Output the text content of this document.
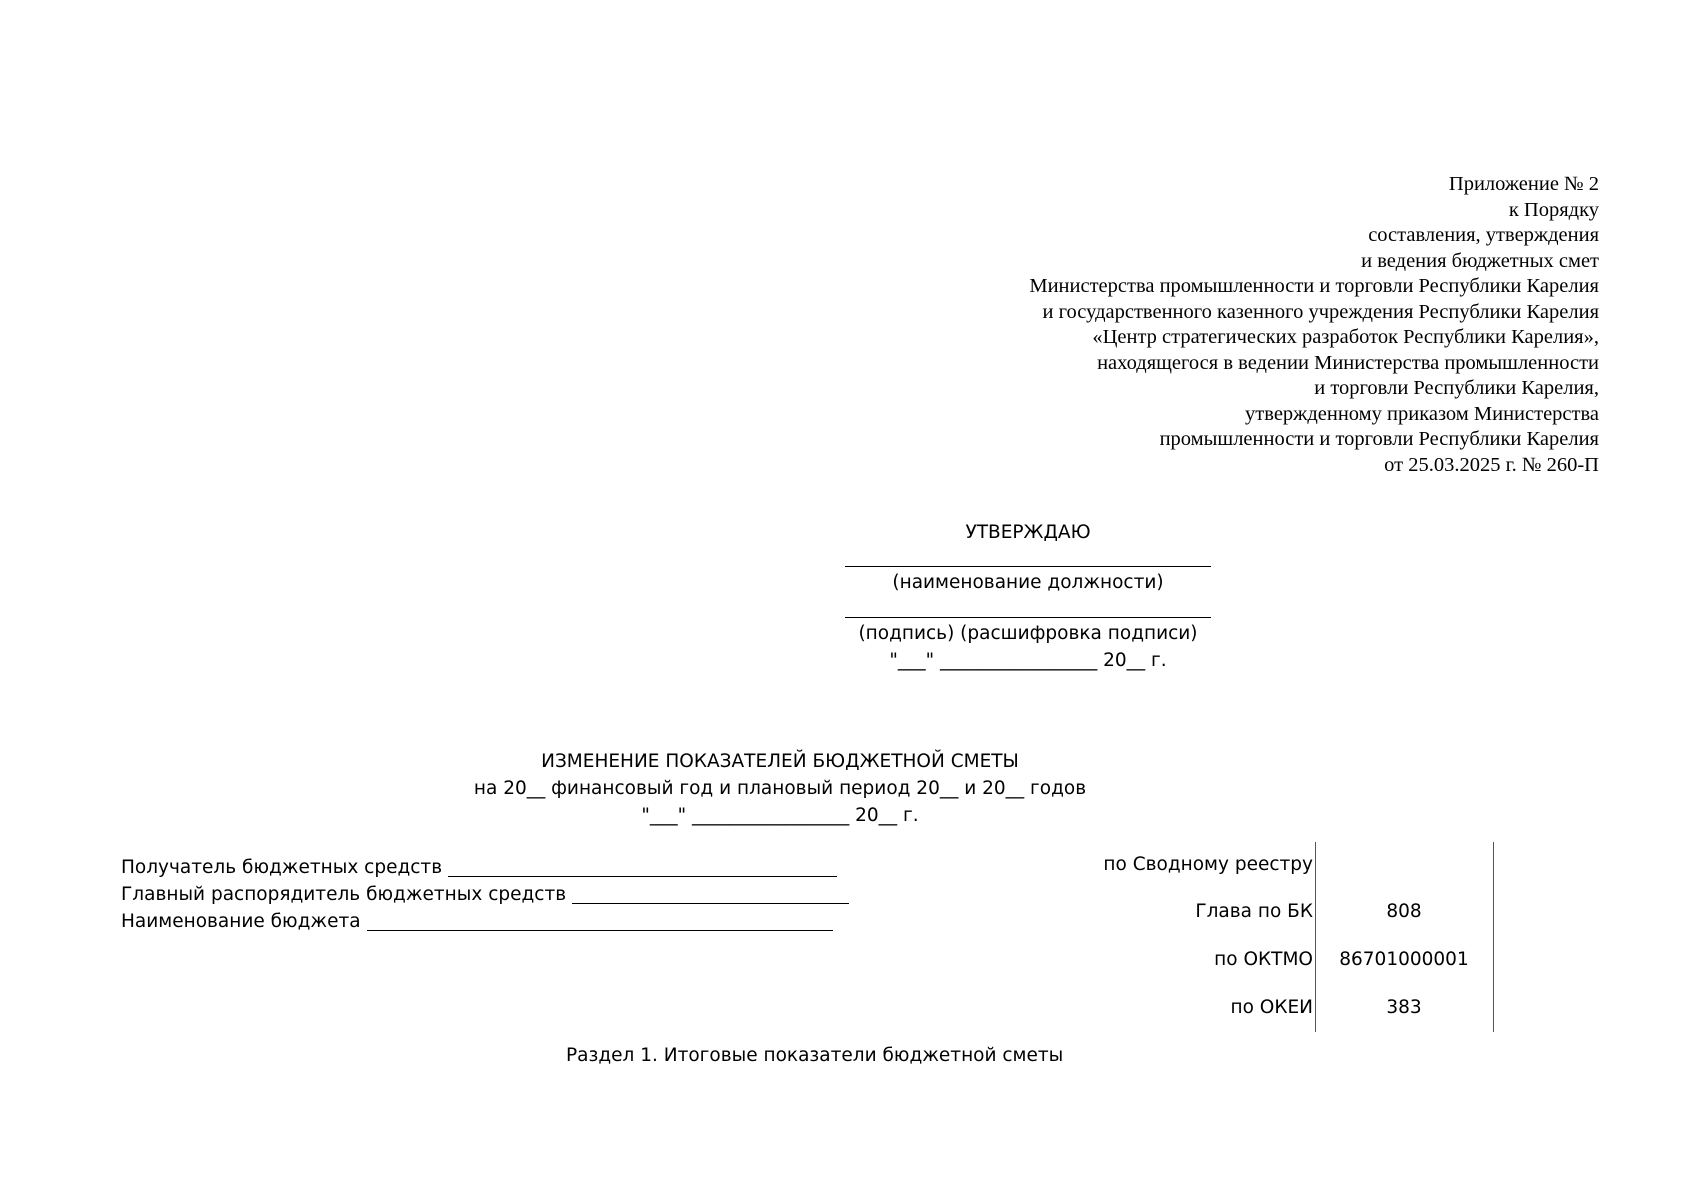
Приложение № 2
к Порядку
составления, утверждения
и ведения бюджетных смет
Министерства промышленности и торговли Республики Карелия
и государственного казенного учреждения Республики Карелия
«Центр стратегических разработок Республики Карелия»,
находящегося в ведении Министерства промышленности
и торговли Республики Карелия,
утвержденному приказом Министерства
промышленности и торговли Республики Карелия
от 25.03.2025 г. № 260-П
УТВЕРЖДАЮ
(наименование должности)
(подпись) (расшифровка подписи)
"___" _________________ 20__ г.
ИЗМЕНЕНИЕ ПОКАЗАТЕЛЕЙ БЮДЖЕТНОЙ СМЕТЫ
на 20__ финансовый год и плановый период 20__ и 20__ годов
"___" _________________ 20__ г.
Получатель бюджетных средств
Главный распорядитель бюджетных средств
Наименование бюджета
по Сводному реестру
Глава по БК	808
по ОКТМО	86701000001
по ОКЕИ	383
Раздел 1. Итоговые показатели бюджетной сметы
